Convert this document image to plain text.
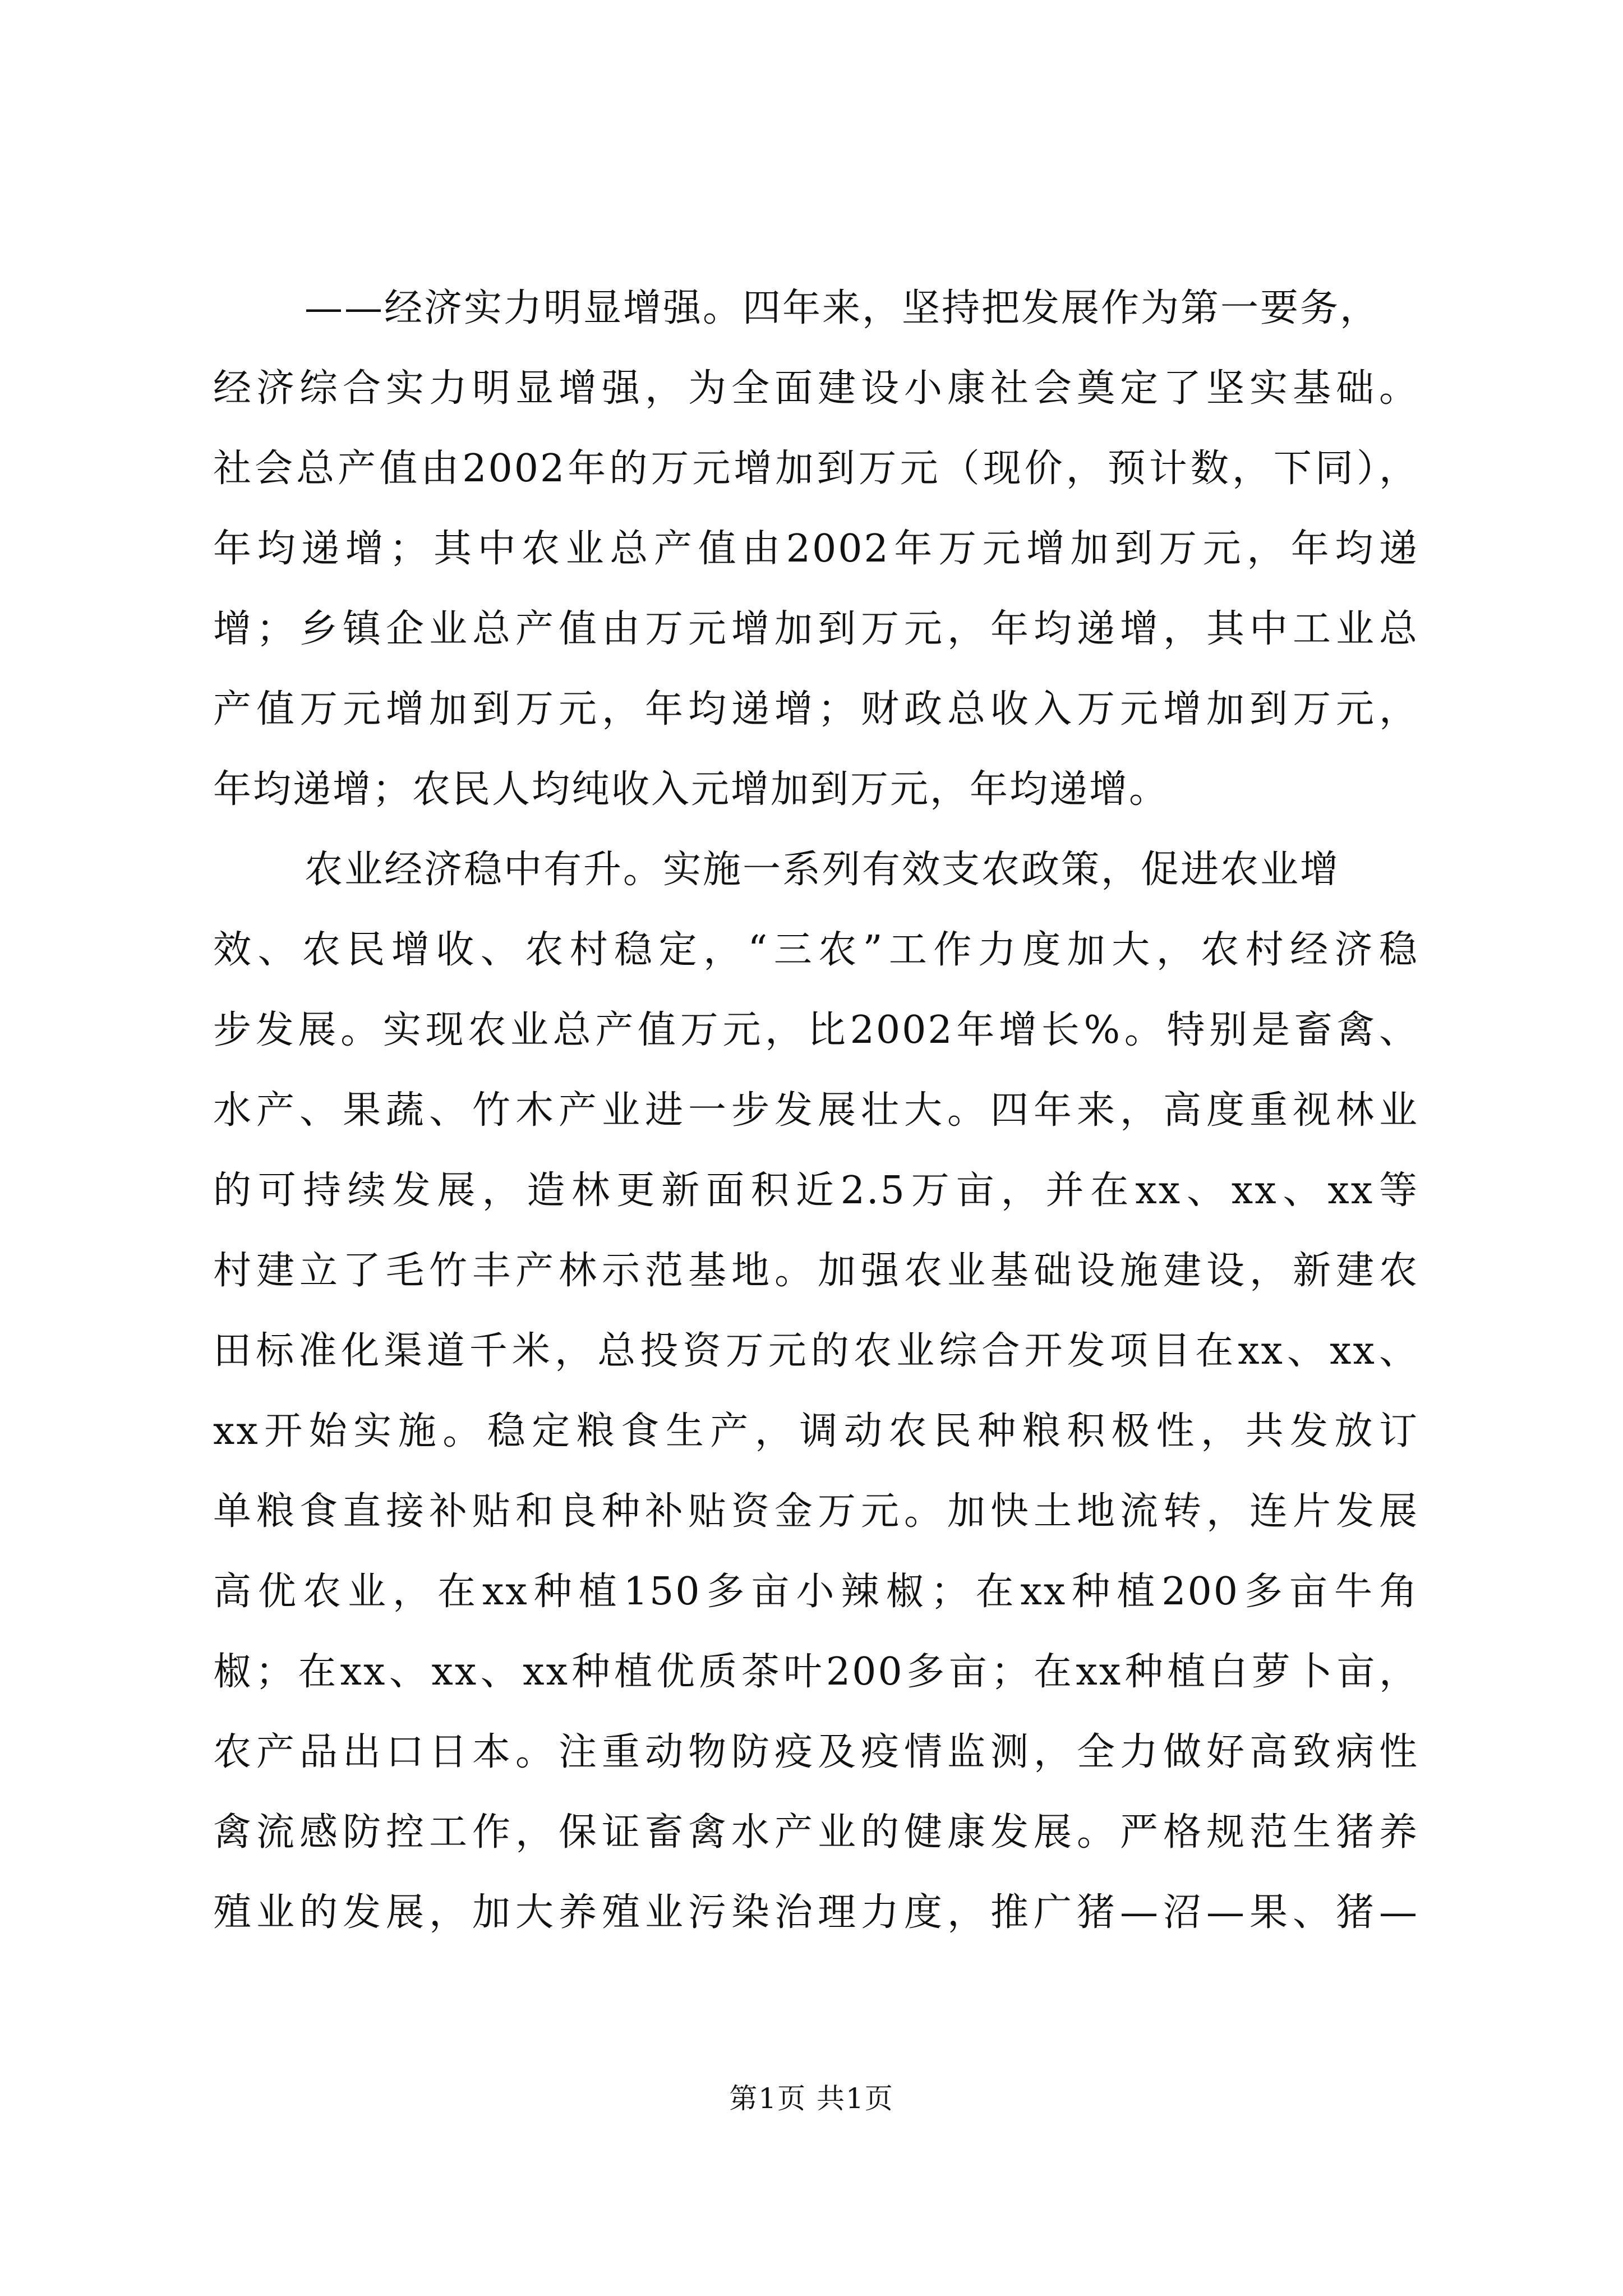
——经济实力明显增强。四年来，坚持把发展作为第一要务，
经济综合实力明显增强，为全面建设小康社会奠定了坚实基础。
社会总产值由2002年的万元增加到万元（现价，预计数，下同），
年均递增；其中农业总产值由2002年万元增加到万元，年均递
增；乡镇企业总产值由万元增加到万元，年均递增，其中工业总
产值万元增加到万元，年均递增；财政总收入万元增加到万元，
年均递增；农民人均纯收入元增加到万元，年均递增。
农业经济稳中有升。实施一系列有效支农政策，促进农业增
效、农民增收、农村稳定，“三农”工作力度加大，农村经济稳
步发展。实现农业总产值万元，比2002年增长%。特别是畜禽、
水产、果蔬、竹木产业进一步发展壮大。四年来，高度重视林业
的可持续发展，造林更新面积近2.5万亩，并在xx、xx、xx等
村建立了毛竹丰产林示范基地。加强农业基础设施建设，新建农
田标准化渠道千米，总投资万元的农业综合开发项目在xx、xx、
xx开始实施。稳定粮食生产，调动农民种粮积极性，共发放订
单粮食直接补贴和良种补贴资金万元。加快土地流转，连片发展
高优农业，在xx种植150多亩小辣椒；在xx种植200多亩牛角
椒；在xx、xx、xx种植优质茶叶200多亩；在xx种植白萝卜亩，
农产品出口日本。注重动物防疫及疫情监测，全力做好高致病性
禽流感防控工作，保证畜禽水产业的健康发展。严格规范生猪养
殖业的发展，加大养殖业污染治理力度，推广猪—沼—果、猪—
第1页 共1页
